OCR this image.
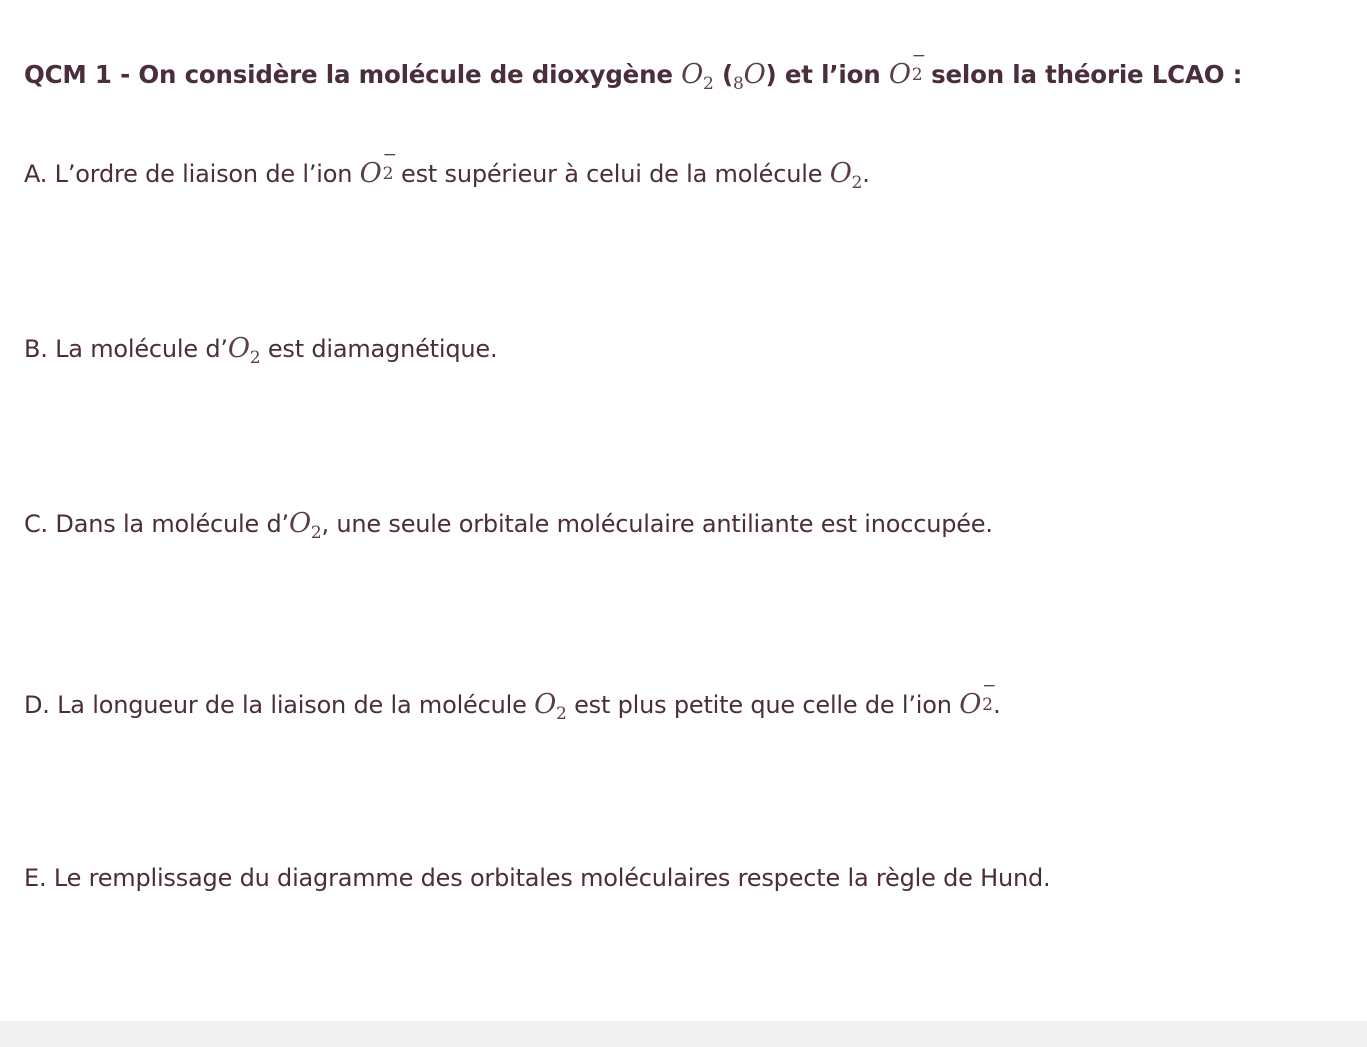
QCM 1 - On considère la molécule de dioxygène $O_2$ $(_8O)$ et l’ion O
−
2 selon la théorie LCAO :
A. L’ordre de liaison de l’ion O
−
2 est supérieur à celui de la molécule $O_2$.
B. La molécule $d’O_2$ est diamagnétique.
C. Dans la molécule $d’O_2$, une seule orbitale moléculaire antiliante est inoccupée.
D. La longueur de la liaison de la molécule $O_2$ est plus petite que celle de l’ion O
−
2 .
E. Le remplissage du diagramme des orbitales moléculaires respecte la règle de Hund.
